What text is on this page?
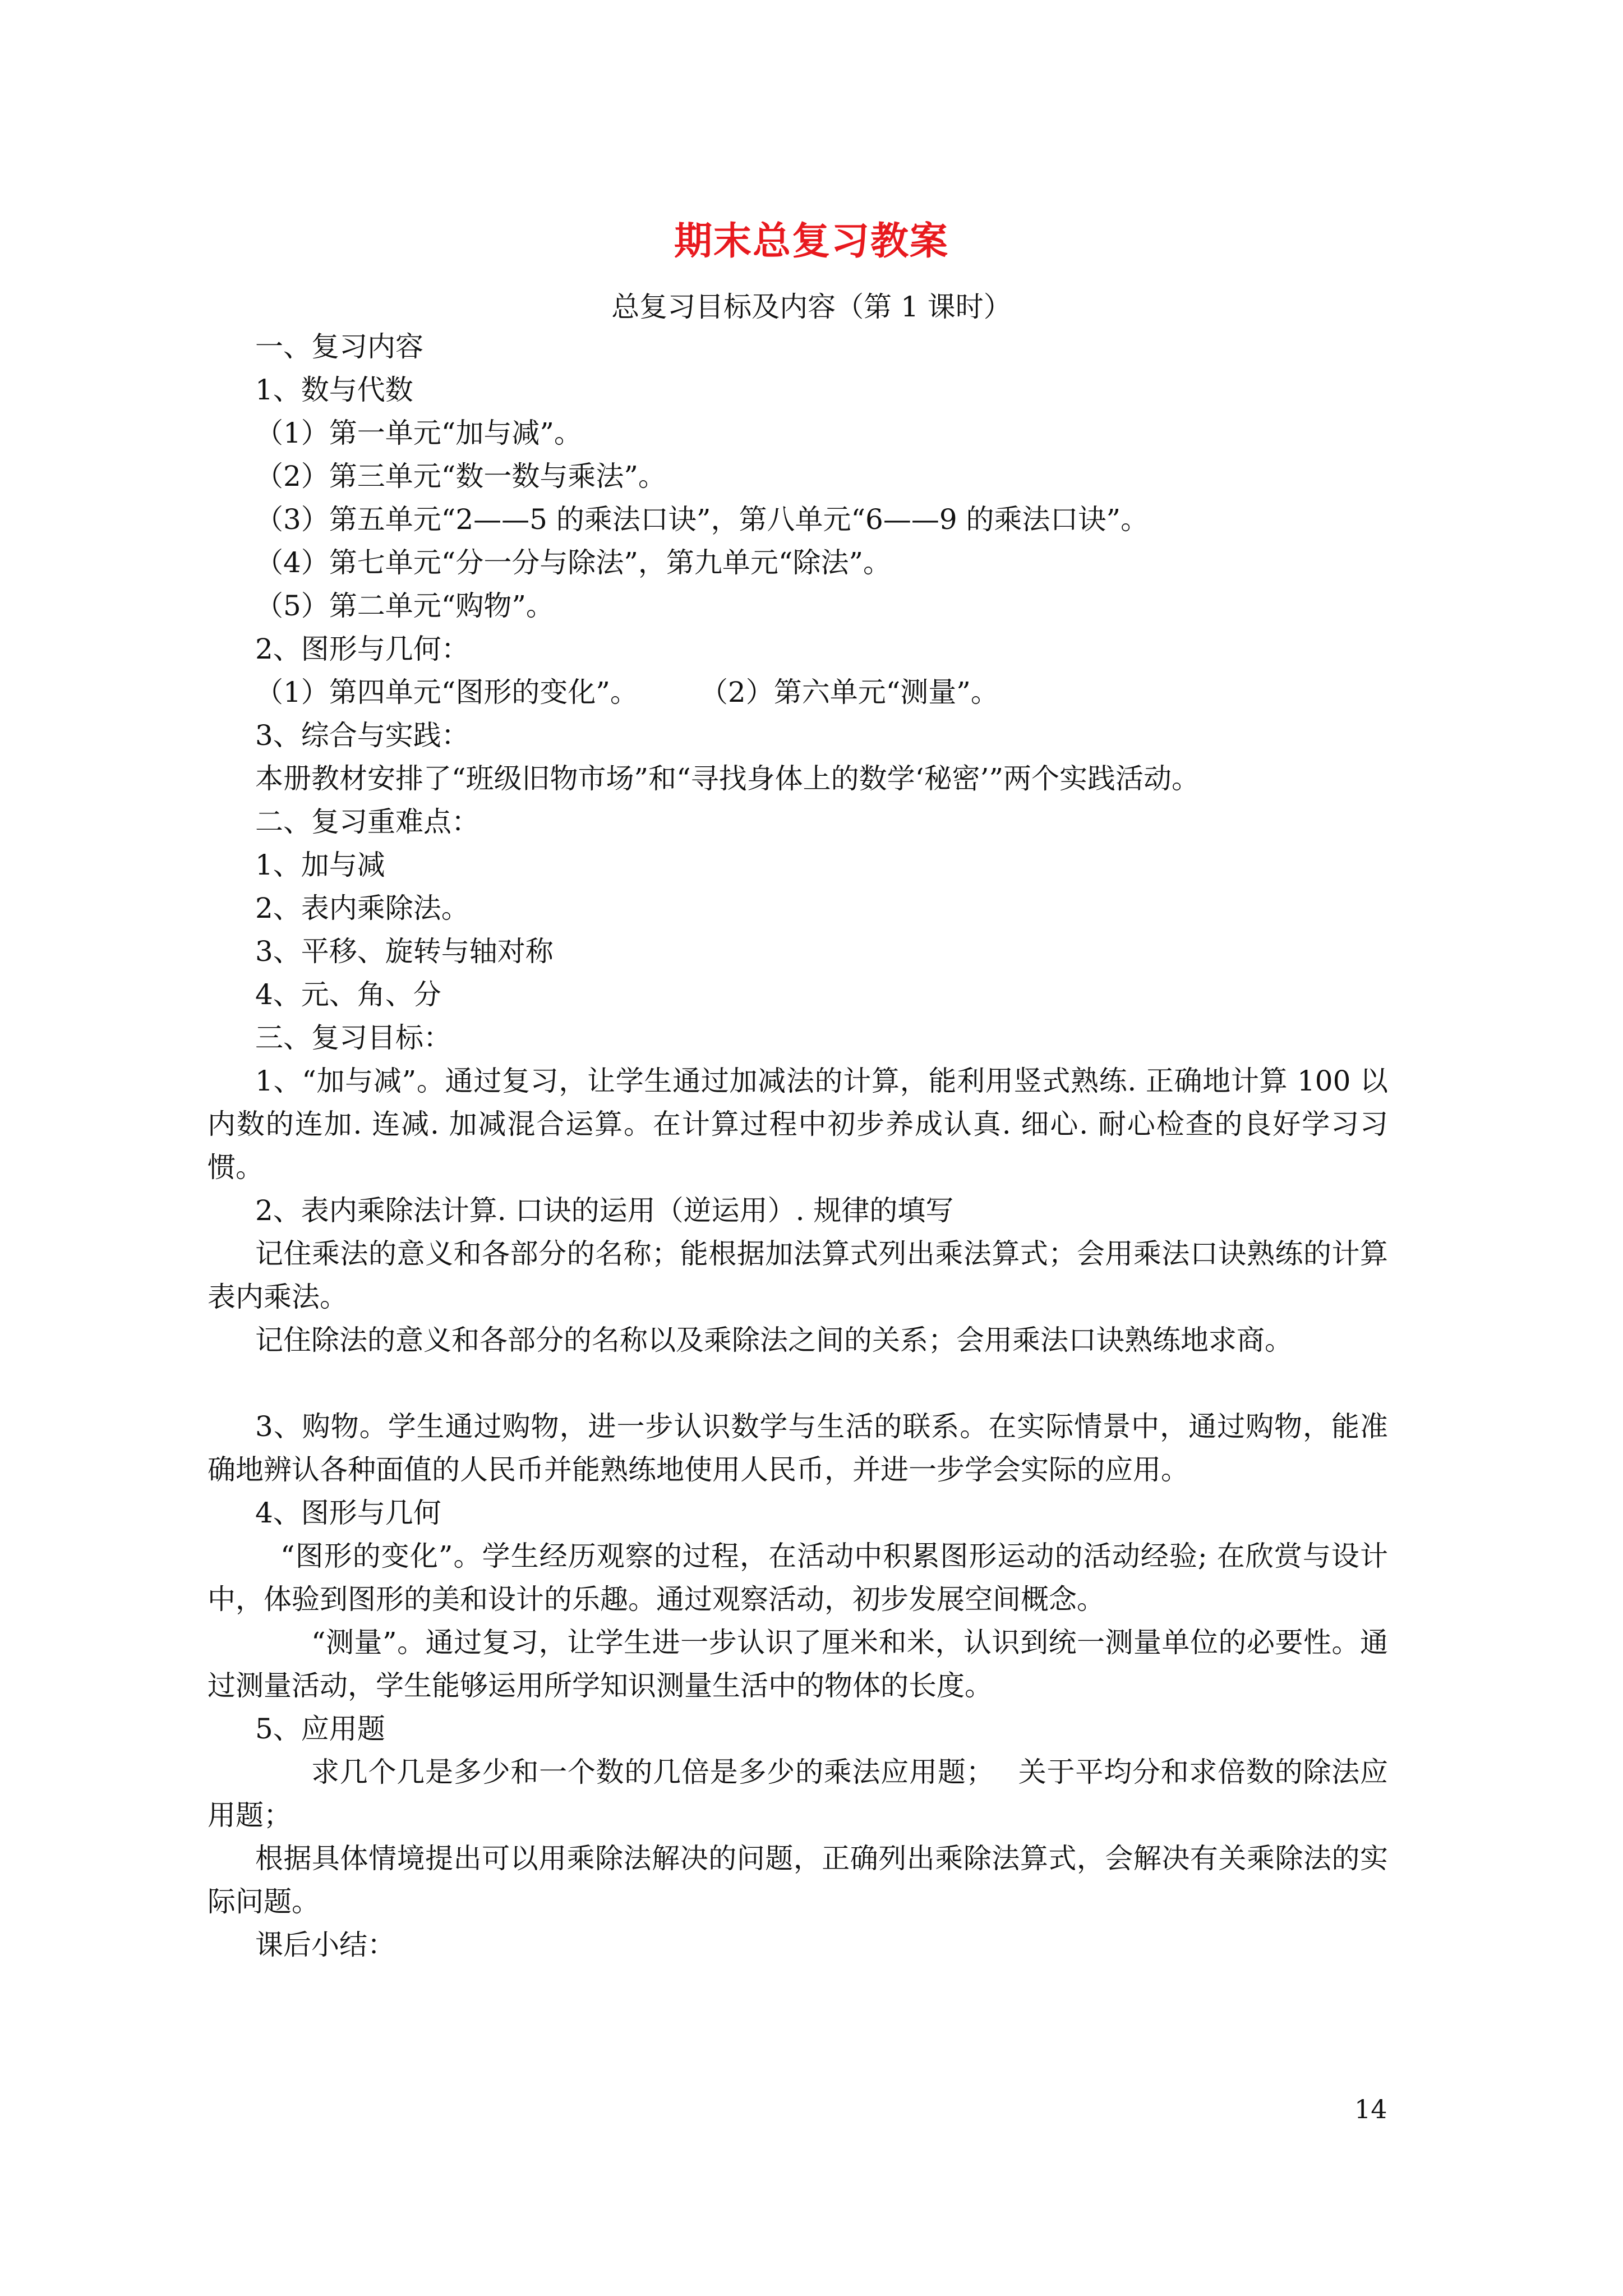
期末总复习教案
总复习目标及内容（第 1 课时）
一、复习内容
1、数与代数
（1）第一单元“加与减”。
（2）第三单元“数一数与乘法”。
（3）第五单元“2——5 的乘法口诀”，第八单元“6——9 的乘法口诀”。
（4）第七单元“分一分与除法”，第九单元“除法”。
（5）第二单元“购物”。
2、图形与几何：
（1）第四单元“图形的变化”。 （2）第六单元“测量”。
3、综合与实践：
本册教材安排了“班级旧物市场”和“寻找身体上的数学‘秘密’”两个实践活动。
二、复习重难点：
1、加与减
2、表内乘除法。
3、平移、旋转与轴对称
4、元、角、分
三、复习目标：
1、“加与减”。通过复习，让学生通过加减法的计算，能利用竖式熟练. 正确地计算 100 以内数的连加. 连减. 加减混合运算。在计算过程中初步养成认真. 细心. 耐心检查的良好学习习惯。
2、表内乘除法计算. 口诀的运用（逆运用）. 规律的填写
记住乘法的意义和各部分的名称；能根据加法算式列出乘法算式；会用乘法口诀熟练的计算表内乘法。
记住除法的意义和各部分的名称以及乘除法之间的关系；会用乘法口诀熟练地求商。
3、购物。学生通过购物，进一步认识数学与生活的联系。在实际情景中，通过购物，能准确地辨认各种面值的人民币并能熟练地使用人民币，并进一步学会实际的应用。
4、图形与几何
“图形的变化”。学生经历观察的过程，在活动中积累图形运动的活动经验; 在欣赏与设计中，体验到图形的美和设计的乐趣。通过观察活动，初步发展空间概念。
“测量”。通过复习，让学生进一步认识了厘米和米，认识到统一测量单位的必要性。通过测量活动，学生能够运用所学知识测量生活中的物体的长度。
5、应用题
求几个几是多少和一个数的几倍是多少的乘法应用题；　 关于平均分和求倍数的除法应用题；
根据具体情境提出可以用乘除法解决的问题，正确列出乘除法算式，会解决有关乘除法的实际问题。
课后小结：
14
